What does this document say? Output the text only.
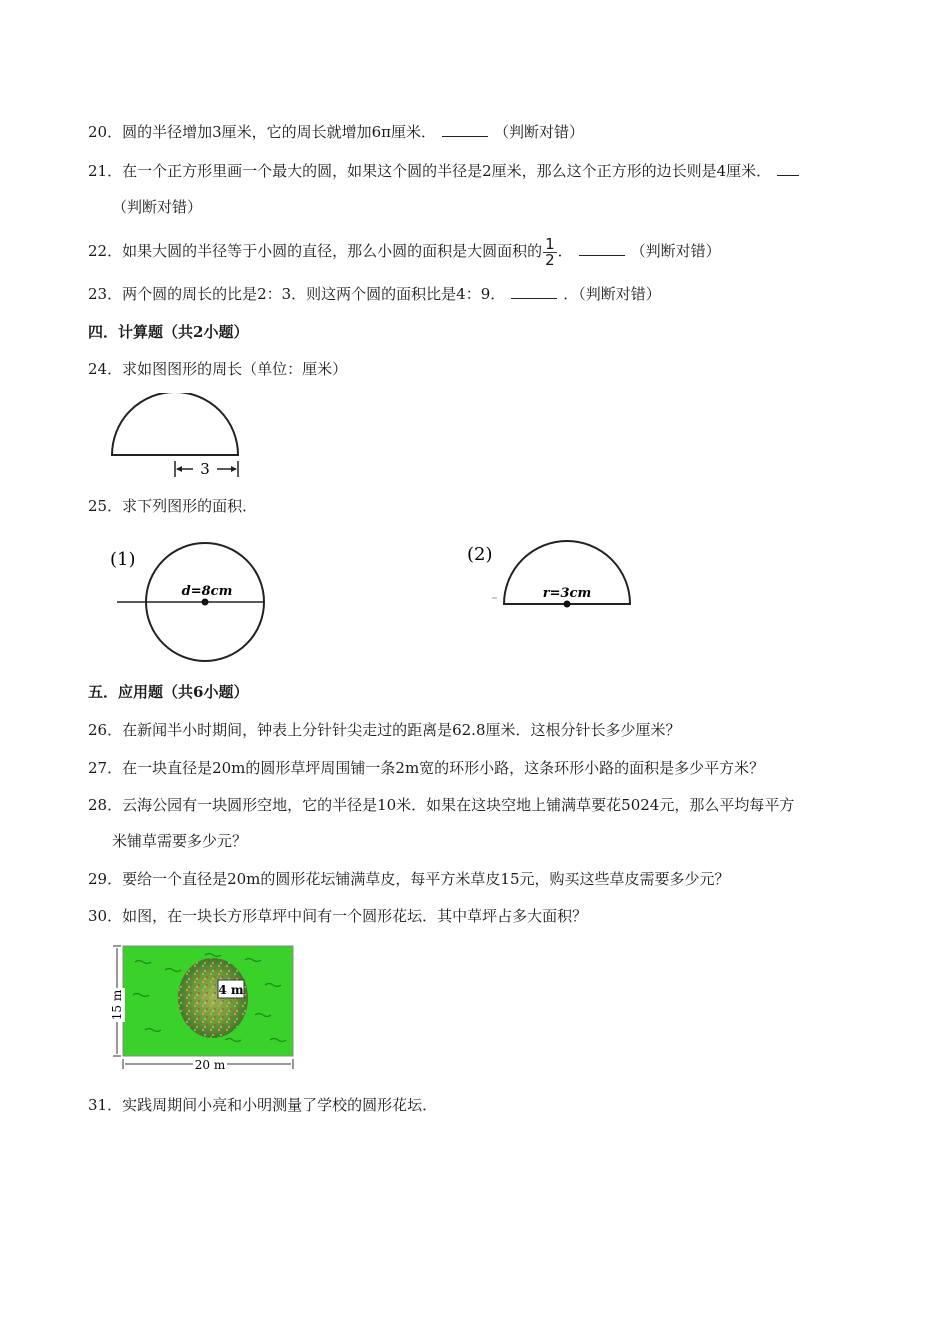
20．圆的半径增加3厘米，它的周长就增加6π厘米．	（判断对错）
21．在一个正方形里画一个最大的圆，如果这个圆的半径是2厘米，那么这个正方形的边长则是4厘米．
（判断对错）
22．如果大圆的半径等于小圆的直径，那么小圆的面积是大圆面积的 $\frac{1}{2}$ ．	（判断对错）
23．两个圆的周长的比是2：3．则这两个圆的面积比是4：9．	．（判断对错）
四．计算题（共2小题）
24．求如图图形的周长（单位：厘米）
3
25．求下列图形的面积．
(1)
d=8cm
(2)
r=3cm
五．应用题（共6小题）
26．在新闻半小时期间，钟表上分针针尖走过的距离是62.8厘米．这根分针长多少厘米？
27．在一块直径是20m的圆形草坪周围铺一条2m宽的环形小路，这条环形小路的面积是多少平方米？
28．云海公园有一块圆形空地，它的半径是10米．如果在这块空地上铺满草要花5024元，那么平均每平方
米铺草需要多少元？
29．要给一个直径是20m的圆形花坛铺满草皮，每平方米草皮15元，购买这些草皮需要多少元？
30．如图，在一块长方形草坪中间有一个圆形花坛．其中草坪占多大面积？
4 m
15 m
20 m
31．实践周期间小亮和小明测量了学校的圆形花坛．
